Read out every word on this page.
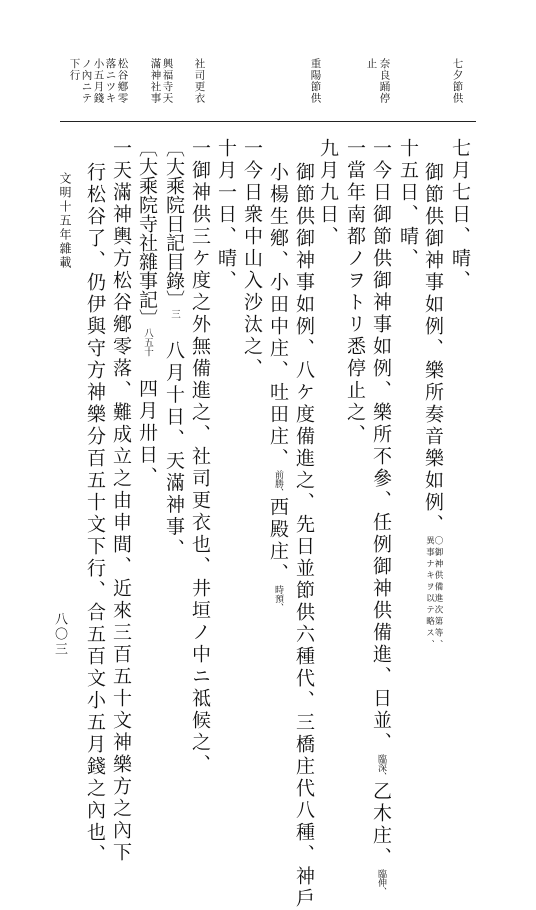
七夕節供
奈良踊停
止
重陽節供
社司更衣
興福寺天
滿神社事
松谷鄕零
落ニツキ
小五月錢
ノ內ニテ
下行
七月七日、晴、
御節供御神事如例、樂所奏音樂如例、
〇御神供備進次第等、
異事ナキヲ以テ略ス、
十五日、晴、
一今日御節供御神事如例、樂所不參、任例御神供備進、日並、臨深、乙木庄、臨伸、
一當年南都ノヲトリ悉停止之、
九月九日、
御節供御神事如例、八ケ度備進之、先日並節供六種代、三橋庄代八種、神戶
小楊生鄕、小田中庄、吐田庄、前勝、西殿庄、時預、
一今日衆中山入沙汰之、
十月一日、晴、
一御神供三ケ度之外無備進之、社司更衣也、井垣ノ中ニ祗候之、
〔大乘院日記目錄〕三　八月十日、天滿神事、
〔大乘院寺社雜事記〕八五十　四月卅日、
一天滿神輿方松谷鄕零落、難成立之由申間、近來三百五十文神樂方之內下
行松谷了、仍伊與守方神樂分百五十文下行、合五百文小五月錢之內也、
文明十五年雜載
八〇三
